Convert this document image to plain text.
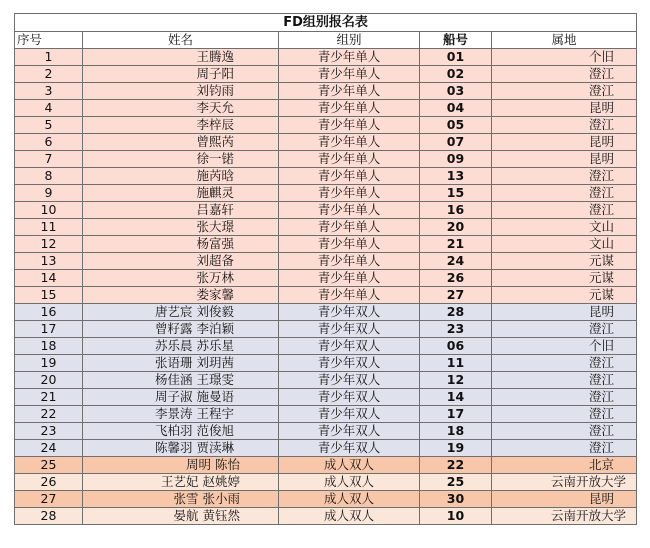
FD组别报名表				
序号	姓名	组别	船号	属地
1	王腾逸	青少年单人	01	个旧
2	周子阳	青少年单人	02	澄江
3	刘钧雨	青少年单人	03	澄江
4	李天允	青少年单人	04	昆明
5	李梓辰	青少年单人	05	澄江
6	曾熙芮	青少年单人	07	昆明
7	徐一锘	青少年单人	09	昆明
8	施芮晗	青少年单人	13	澄江
9	施麒灵	青少年单人	15	澄江
10	吕嘉轩	青少年单人	16	澄江
11	张大璟	青少年单人	20	文山
12	杨富强	青少年单人	21	文山
13	刘超备	青少年单人	24	元谋
14	张万林	青少年单人	26	元谋
15	娄家馨	青少年单人	27	元谋
16	唐艺宸 刘俊毅	青少年双人	28	昆明
17	曾籽露 李泊颖	青少年双人	23	澄江
18	苏乐晨 苏乐星	青少年双人	06	个旧
19	张语珊 刘玥茜	青少年双人	11	澄江
20	杨佳涵 王璟雯	青少年双人	12	澄江
21	周子淑 施曼语	青少年双人	14	澄江
22	李景涛 王程宇	青少年双人	17	澄江
23	飞柏羽 范俊旭	青少年双人	18	澄江
24	陈馨羽 贾渎琳	青少年双人	19	澄江
25	周明 陈怡	成人双人	22	北京
26	王艺妃 赵姚婷	成人双人	25	云南开放大学
27	张雪 张小雨	成人双人	30	昆明
28	晏航 黄钰然	成人双人	10	云南开放大学
